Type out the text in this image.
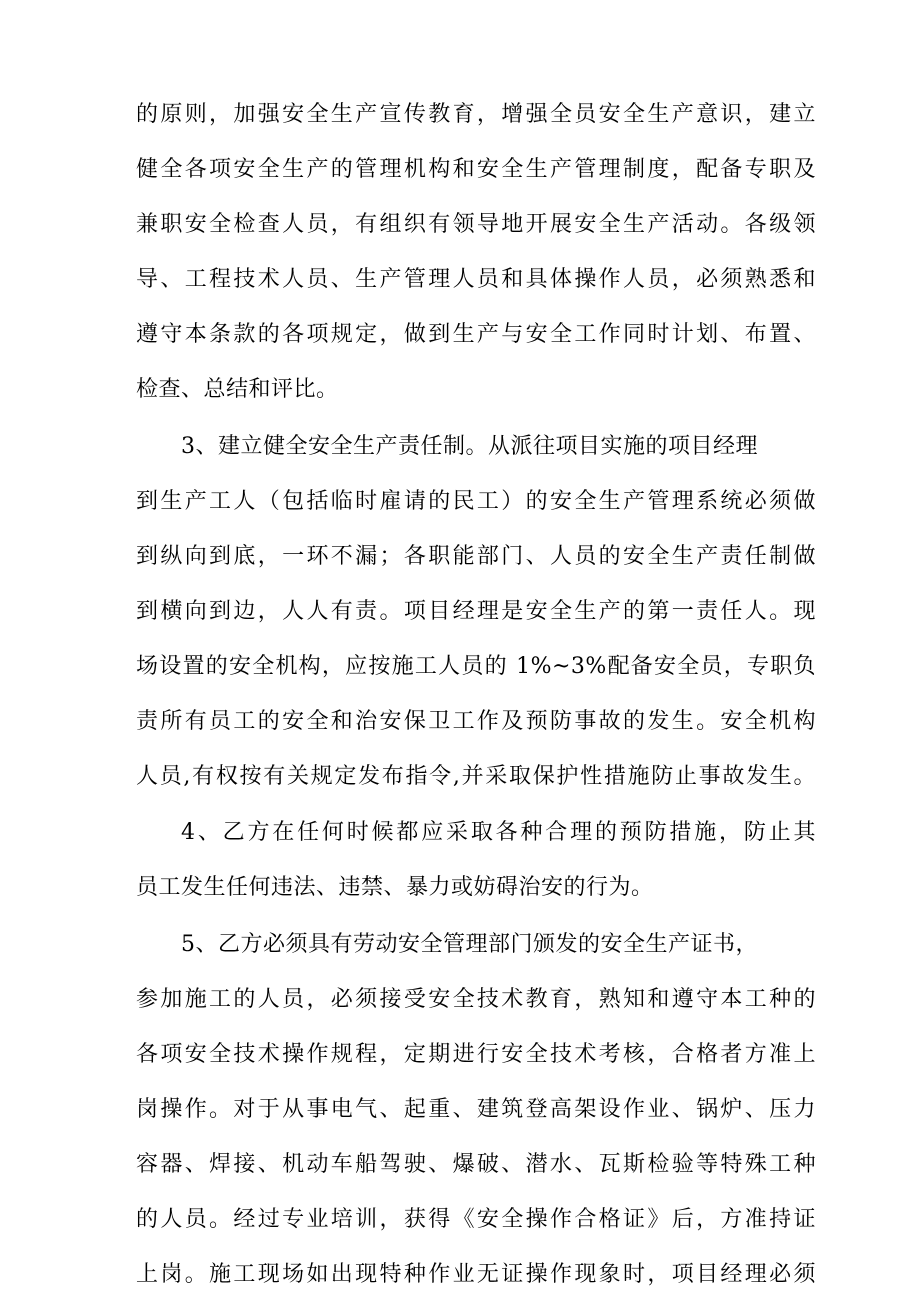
的原则，加强安全生产宣传教育，增强全员安全生产意识，建立
健全各项安全生产的管理机构和安全生产管理制度，配备专职及
兼职安全检查人员，有组织有领导地开展安全生产活动。各级领
导、工程技术人员、生产管理人员和具体操作人员，必须熟悉和
遵守本条款的各项规定，做到生产与安全工作同时计划、布置、
检查、总结和评比。
3、建立健全安全生产责任制。从派往项目实施的项目经理
到生产工人（包括临时雇请的民工）的安全生产管理系统必须做
到纵向到底，一环不漏；各职能部门、人员的安全生产责任制做
到横向到边，人人有责。项目经理是安全生产的第一责任人。现
场设置的安全机构，应按施工人员的 1%~3%配备安全员，专职负
责所有员工的安全和治安保卫工作及预防事故的发生。安全机构
人员,有权按有关规定发布指令,并采取保护性措施防止事故发生。
4、乙方在任何时候都应采取各种合理的预防措施，防止其
员工发生任何违法、违禁、暴力或妨碍治安的行为。
5、乙方必须具有劳动安全管理部门颁发的安全生产证书，
参加施工的人员，必须接受安全技术教育，熟知和遵守本工种的
各项安全技术操作规程，定期进行安全技术考核，合格者方准上
岗操作。对于从事电气、起重、建筑登高架设作业、锅炉、压力
容器、焊接、机动车船驾驶、爆破、潜水、瓦斯检验等特殊工种
的人员。经过专业培训，获得《安全操作合格证》后，方准持证
上岗。施工现场如出现特种作业无证操作现象时，项目经理必须
